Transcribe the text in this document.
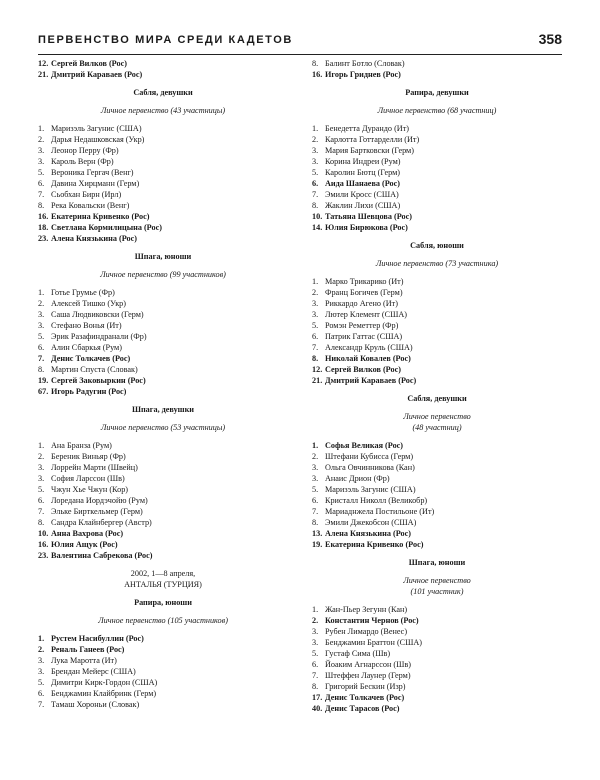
ПЕРВЕНСТВО МИРА СРЕДИ КАДЕТОВ	358
12. Сергей Вилков (Рос)
21. Дмитрий Караваев (Рос)
Сабля, девушки
Личное первенство (43 участницы)
1. Маризэль Загунис (США)
2. Дарья Недашковская (Укр)
3. Леонор Перру (Фр)
3. Кароль Верн (Фр)
5. Вероника Гергач (Венг)
6. Давина Хирцманн (Герм)
7. Сьобхан Бирн (Ирл)
8. Река Ковальски (Венг)
16. Екатерина Кривенко (Рос)
18. Светлана Кормилицына (Рос)
23. Алена Князькина (Рос)
Шпага, юноши
Личное первенство (99 участников)
1. Готье Грумье (Фр)
2. Алексей Тишко (Укр)
3. Саша Людвиковски (Герм)
3. Стефано Вонья (Ит)
5. Эрик Разафиндранали (Фр)
6. Алин Сбаркья (Рум)
7. Денис Толкачев (Рос)
8. Мартин Спуста (Словак)
19. Сергей Заковыркин (Рос)
67. Игорь Радугин (Рос)
Шпага, девушки
Личное первенство (53 участницы)
1. Ана Бранза (Рум)
2. Береник Виньяр (Фр)
3. Лоррейн Марти (Швейц)
3. София Ларссон (Шв)
5. Чжун Хье Чжун (Кор)
6. Лоредана Иордэчойю (Рум)
7. Эльке Бирткельмер (Герм)
8. Сандра Клайнбергер (Австр)
10. Анна Вахрова (Рос)
16. Юлия Ащук (Рос)
23. Валентина Сабрекова (Рос)
2002, 1—8 апреля,
АНТАЛЬЯ (ТУРЦИЯ)
Рапира, юноши
Личное первенство (105 участников)
1. Рустем Насибуллин (Рос)
2. Реналь Ганеев (Рос)
3. Лука Маротта (Ит)
3. Брендан Мейерс (США)
5. Димитри Кирк-Гордон (США)
6. Бенджамин Клайбринк (Герм)
7. Тамаш Хороньи (Словак)
8. Балинт Ботло (Словак)
16. Игорь Гриднев (Рос)
Рапира, девушки
Личное первенство (68 участниц)
1. Бенедетта Дурандо (Ит)
2. Карлотта Готтарделли (Ит)
3. Мария Бартковски (Герм)
3. Корина Индреи (Рум)
5. Каролин Бютц (Герм)
6. Аида Шанаева (Рос)
7. Эмили Кросс (США)
8. Жаклин Лихи (США)
10. Татьяна Шевцова (Рос)
14. Юлия Бирюкова (Рос)
Сабля, юноши
Личное первенство (73 участника)
1. Марко Трикарико (Ит)
2. Франц Богичев (Герм)
3. Риккардо Агено (Ит)
3. Лютер Клемент (США)
5. Ромэн Реметтер (Фр)
6. Патрик Гаттас (США)
7. Александр Круль (США)
8. Николай Ковалев (Рос)
12. Сергей Вилков (Рос)
21. Дмитрий Караваев (Рос)
Сабля, девушки
Личное первенство
(48 участниц)
1. Софья Великая (Рос)
2. Штефани Кубисса (Герм)
3. Ольга Овчинникова (Кан)
3. Анаис Дрион (Фр)
5. Маризэль Загунис (США)
6. Кристалл Николл (Великобр)
7. Мариаднжела Постильоне (Ит)
8. Эмили Джекобсон (США)
13. Алена Князькина (Рос)
19. Екатерина Кривенко (Рос)
Шпага, юноши
Личное первенство
(101 участник)
1. Жан-Пьер Зегунн (Кан)
2. Константин Чернов (Рос)
3. Рубен Лимардо (Венес)
3. Бенджамин Браттон (США)
5. Густаф Сима (Шв)
6. Йоаким Агнарссон (Шв)
7. Штеффен Лаунер (Герм)
8. Григорий Бескин (Изр)
17. Денис Толкачев (Рос)
40. Денис Тарасов (Рос)
